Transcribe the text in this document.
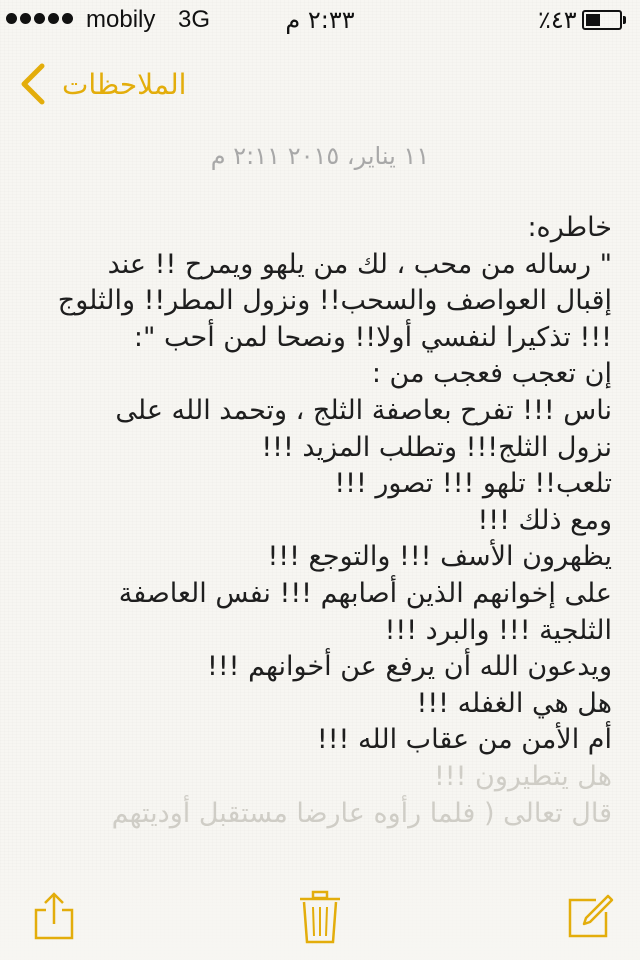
mobily 3G	٢:٣٣ م	٤٣٪
الملاحظات
١١ يناير، ٢٠١٥ ٢:١١ م
خاطره:
" رساله من محب ، لك من يلهو ويمرح !! عند
إقبال العواصف والسحب!! ونزول المطر!! والثلوج
!!! تذكيرا لنفسي أولا!! ونصحا لمن أحب ":
إن تعجب فعجب من :
ناس !!! تفرح بعاصفة الثلج ، وتحمد الله على
نزول الثلج!!! وتطلب المزيد !!!
تلعب!! تلهو !!! تصور !!!
ومع ذلك !!!
يظهرون الأسف !!! والتوجع !!!
على إخوانهم الذين أصابهم !!! نفس العاصفة
الثلجية !!! والبرد !!!
ويدعون الله أن يرفع عن أخوانهم !!!
هل هي الغفله !!!
أم الأمن من عقاب الله !!!
هل يتطيرون !!!
قال تعالى ( فلما رأوه عارضا مستقبل أوديتهم
